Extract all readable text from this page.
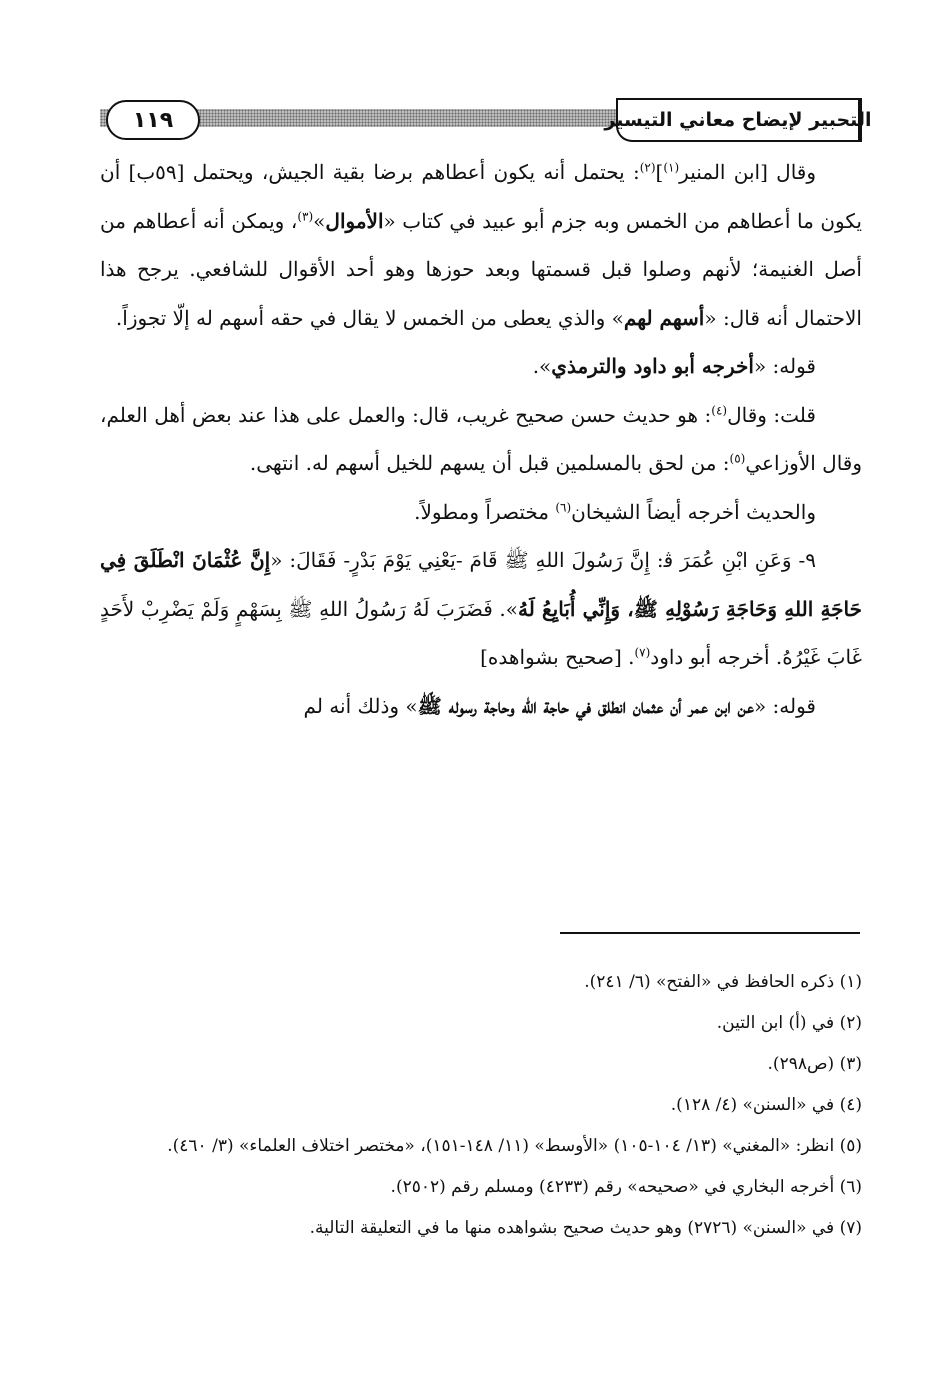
١١٩	التحبير لإيضاح معاني التيسير

وقال [ابن المنير$^{(١)}$]$^{(٢)}$: يحتمل أنه يكون أعطاهم برضا بقية الجيش، ويحتمل [٥٩ب] أن يكون ما أعطاهم من الخمس وبه جزم أبو عبيد في كتاب «الأموال»$^{(٣)}$، ويمكن أنه أعطاهم من أصل الغنيمة؛ لأنهم وصلوا قبل قسمتها وبعد حوزها وهو أحد الأقوال للشافعي. يرجح هذا الاحتمال أنه قال: «أسهم لهم» والذي يعطى من الخمس لا يقال في حقه أسهم له إلّا تجوزاً.

قوله: «أخرجه أبو داود والترمذي».

قلت: وقال$^{(٤)}$: هو حديث حسن صحيح غريب، قال: والعمل على هذا عند بعض أهل العلم، وقال الأوزاعي$^{(٥)}$: من لحق بالمسلمين قبل أن يسهم للخيل أسهم له. انتهى.

والحديث أخرجه أيضاً الشيخان$^{(٦)}$ مختصراً ومطولاً.

٩- وَعَنِ ابْنِ عُمَرَ ﭬ: إِنَّ رَسُولَ اللهِ ﷺ قَامَ -يَعْنِي يَوْمَ بَدْرٍ- فَقَالَ: «إِنَّ عُثْمَانَ انْطَلَقَ فِي حَاجَةِ اللهِ وَحَاجَةِ رَسُوْلِهِ ﷺ، وَإِنِّي أُبَايِعُ لَهُ». فَضَرَبَ لَهُ رَسُولُ اللهِ ﷺ بِسَهْمٍ وَلَمْ يَضْرِبْ لأَحَدٍ غَابَ غَيْرُهُ. أخرجه أبو داود$^{(٧)}$. [صحيح بشواهده]

قوله: «عن ابن عمر أن عثمان انطلق في حاجة الله وحاجة رسوله ﷺ» وذلك أنه لم

(١) ذكره الحافظ في «الفتح» (٦/ ٢٤١).

(٢) في (أ) ابن التين.

(٣) (ص٢٩٨).

(٤) في «السنن» (٤/ ١٢٨).

(٥) انظر: «المغني» (١٣/ ١٠٤-١٠٥) «الأوسط» (١١/ ١٤٨-١٥١)، «مختصر اختلاف العلماء» (٣/ ٤٦٠).

(٦) أخرجه البخاري في «صحيحه» رقم (٤٢٣٣) ومسلم رقم (٢٥٠٢).

(٧) في «السنن» (٢٧٢٦) وهو حديث صحيح بشواهده منها ما في التعليقة التالية.
